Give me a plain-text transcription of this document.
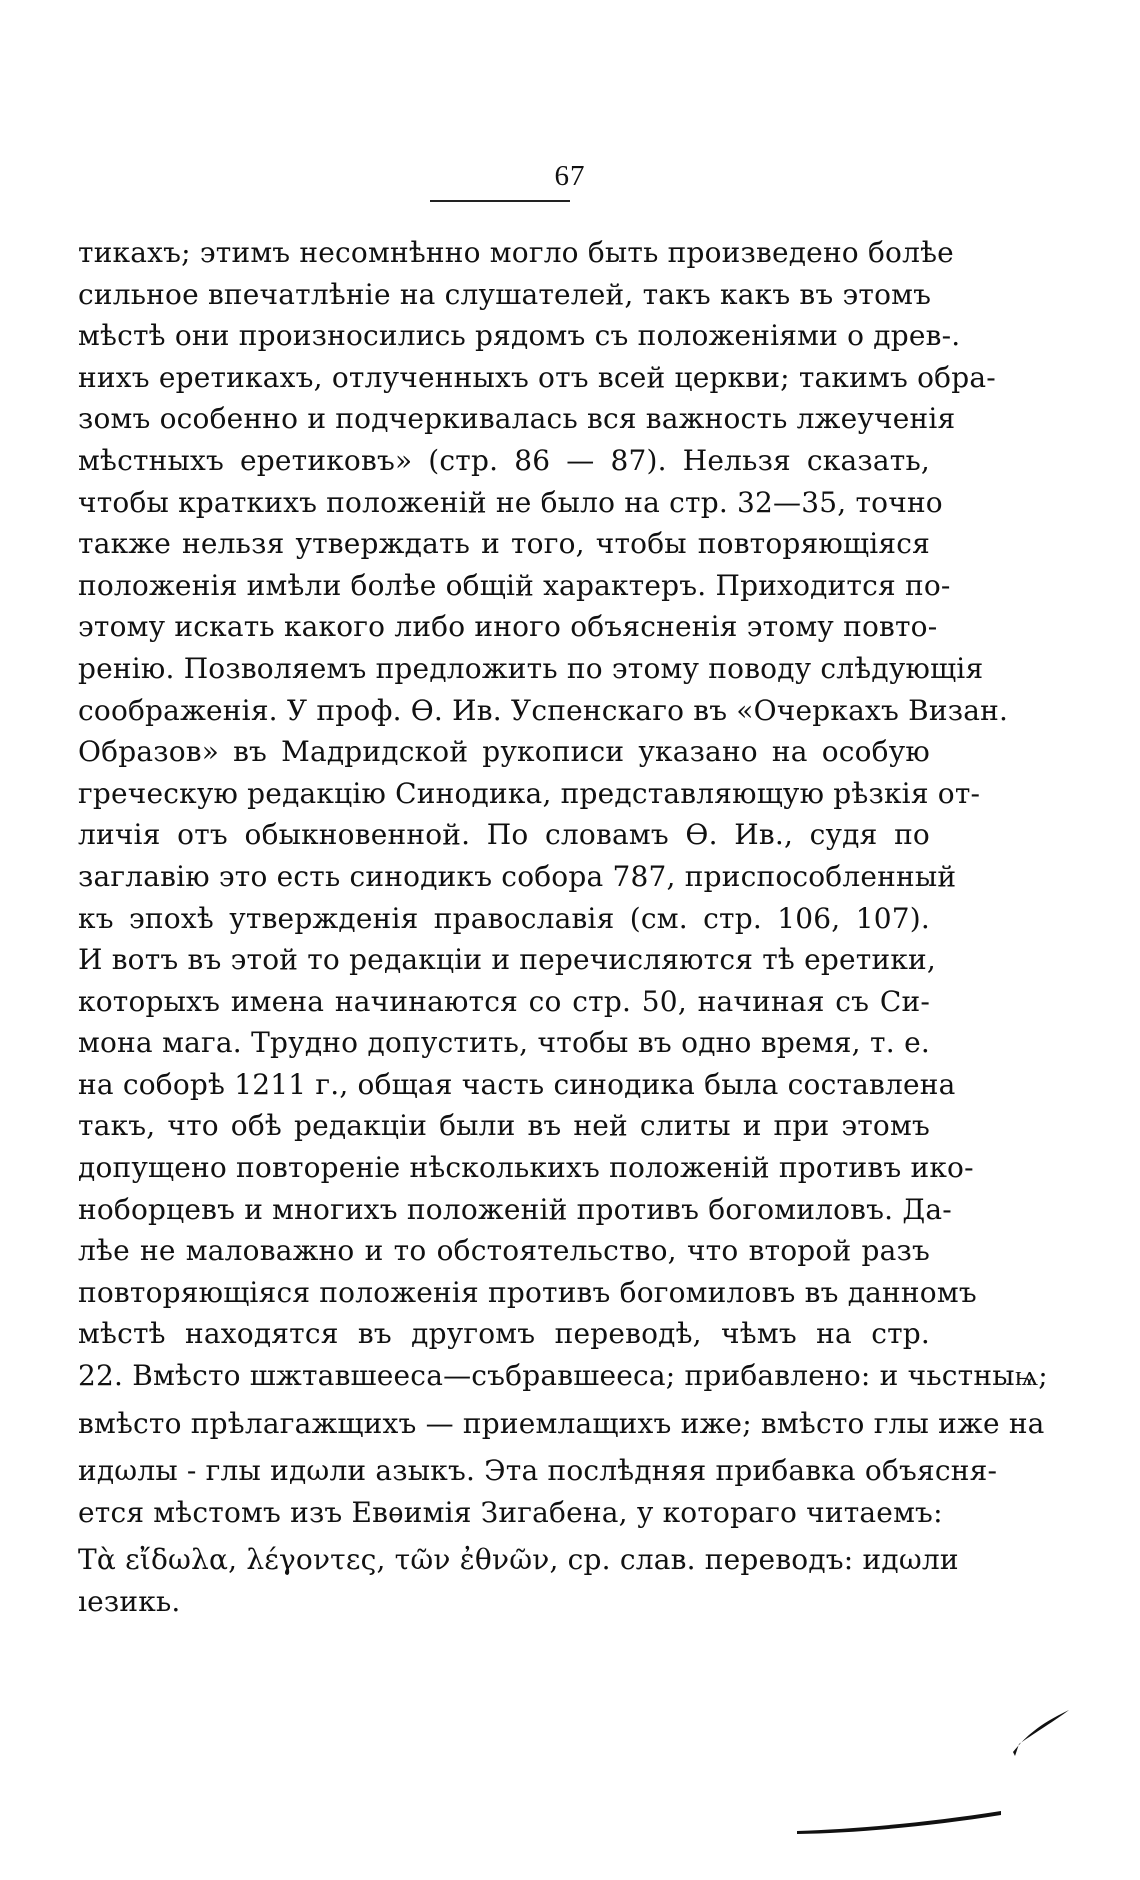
67
тикахъ; этимъ несомнѣнно могло быть произведено болѣе
сильное впечатлѣніе на слушателей, такъ какъ въ этомъ
мѣстѣ они произносились рядомъ съ положеніями о древ-.
нихъ еретикахъ, отлученныхъ отъ всей церкви; такимъ обра-
зомъ особенно и подчеркивалась вся важность лжеученія
мѣстныхъ еретиковъ» (стр. 86 — 87). Нельзя сказать,
чтобы краткихъ положеній не было на стр. 32—35, точно
также нельзя утверждать и того, чтобы повторяющіяся
положенія имѣли болѣе общій характеръ. Приходится по-
этому искать какого либо иного объясненія этому повто-
ренію. Позволяемъ предложить по этому поводу слѣдующія
соображенія. У проф. Ѳ. Ив. Успенскаго въ «Очеркахъ Визан.
Образов» въ Мадридской рукописи указано на особую
греческую редакцію Синодика, представляющую рѣзкія от-
личія отъ обыкновенной. По словамъ Ѳ. Ив., судя по
заглавію это есть синодикъ собора 787, приспособленный
къ эпохѣ утвержденія православія (см. стр. 106, 107).
И вотъ въ этой то редакціи и перечисляются тѣ еретики,
которыхъ имена начинаются со стр. 50, начиная съ Си-
мона мага. Трудно допустить, чтобы въ одно время, т. е.
на соборѣ 1211 г., общая часть синодика была составлена
такъ, что обѣ редакціи были въ ней слиты и при этомъ
допущено повтореніе нѣсколькихъ положеній противъ ико-
ноборцевъ и многихъ положеній противъ богомиловъ. Да-
лѣе не маловажно и то обстоятельство, что второй разъ
повторяющіяся положенія противъ богомиловъ въ данномъ
мѣстѣ находятся въ другомъ переводѣ, чѣмъ на стр.
22. Вмѣсто шжтавшееса—събравшееса; прибавлено: и чьстныѩ;
вмѣсто прѣлагажщихъ — приемлащихъ иже; вмѣсто глы иже на
идωлы - глы идωли азыкъ. Эта послѣдняя прибавка объясня-
ется мѣстомъ изъ Евѳимія Зигабена, у котораго читаемъ:
Τὰ εἴδωλα, λέγοντες, τῶν ἐθνῶν, ср. слав. переводъ: идωли
ıезикь.
